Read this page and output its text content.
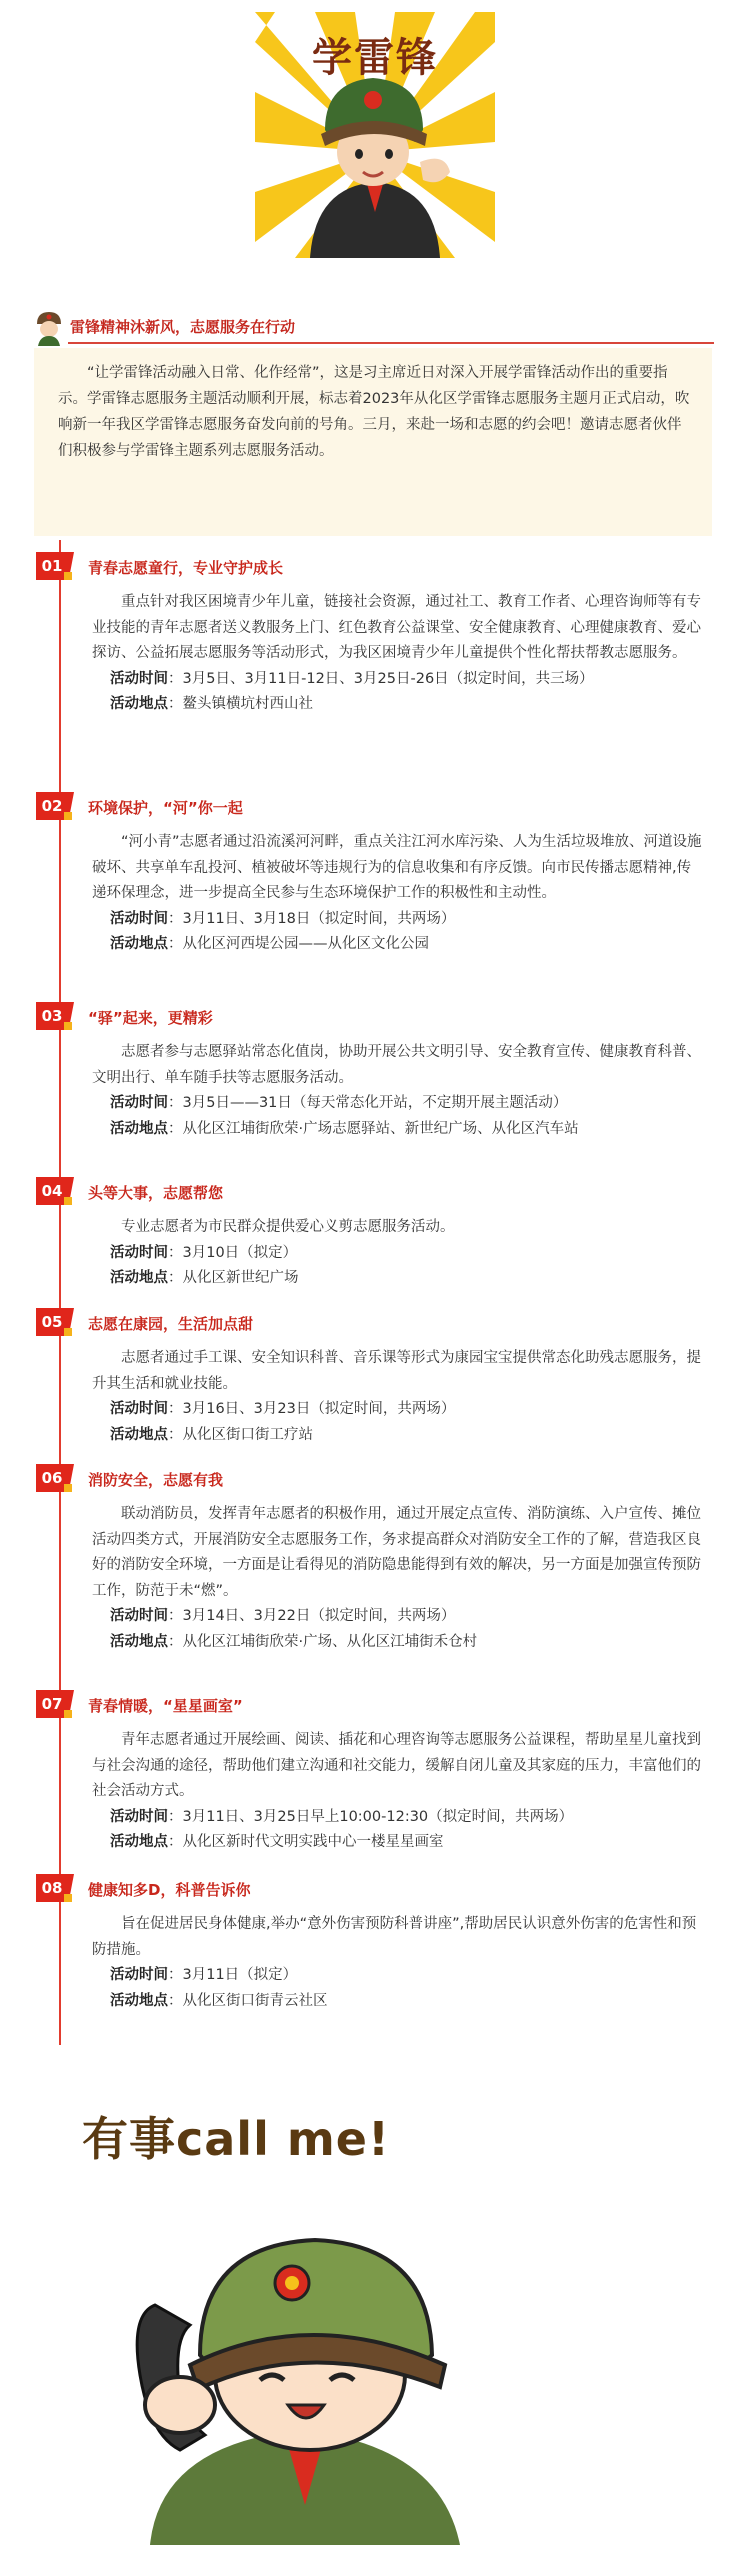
学雷锋
雷锋精神沐新风，志愿服务在行动

“让学雷锋活动融入日常、化作经常”，这是习主席近日对深入开展学雷锋活动作出的重要指示。学雷锋志愿服务主题活动顺利开展，标志着2023年从化区学雷锋志愿服务主题月正式启动，吹响新一年我区学雷锋志愿服务奋发向前的号角。三月，来赴一场和志愿的约会吧！邀请志愿者伙伴们积极参与学雷锋主题系列志愿服务活动。

01	青春志愿童行，专业守护成长

重点针对我区困境青少年儿童，链接社会资源，通过社工、教育工作者、心理咨询师等有专业技能的青年志愿者送义教服务上门、红色教育公益课堂、安全健康教育、心理健康教育、爱心探访、公益拓展志愿服务等活动形式，为我区困境青少年儿童提供个性化帮扶帮教志愿服务。

活动时间：3月5日、3月11日-12日、3月25日-26日（拟定时间，共三场）

活动地点：鳌头镇横坑村西山社

02	环境保护，“河”你一起

“河小青”志愿者通过沿流溪河河畔，重点关注江河水库污染、人为生活垃圾堆放、河道设施破坏、共享单车乱投河、植被破坏等违规行为的信息收集和有序反馈。向市民传播志愿精神,传递环保理念，进一步提高全民参与生态环境保护工作的积极性和主动性。

活动时间：3月11日、3月18日（拟定时间，共两场）

活动地点：从化区河西堤公园——从化区文化公园

03	“驿”起来，更精彩

志愿者参与志愿驿站常态化值岗，协助开展公共文明引导、安全教育宣传、健康教育科普、文明出行、单车随手扶等志愿服务活动。

活动时间：3月5日——31日（每天常态化开站，不定期开展主题活动）

活动地点：从化区江埔街欣荣·广场志愿驿站、新世纪广场、从化区汽车站

04	头等大事，志愿帮您

专业志愿者为市民群众提供爱心义剪志愿服务活动。

活动时间：3月10日（拟定）

活动地点：从化区新世纪广场

05	志愿在康园，生活加点甜

志愿者通过手工课、安全知识科普、音乐课等形式为康园宝宝提供常态化助残志愿服务，提升其生活和就业技能。

活动时间：3月16日、3月23日（拟定时间，共两场）

活动地点：从化区街口街工疗站

06	消防安全，志愿有我

联动消防员，发挥青年志愿者的积极作用，通过开展定点宣传、消防演练、入户宣传、摊位活动四类方式，开展消防安全志愿服务工作，务求提高群众对消防安全工作的了解，营造我区良好的消防安全环境，一方面是让看得见的消防隐患能得到有效的解决，另一方面是加强宣传预防工作，防范于未“燃”。

活动时间：3月14日、3月22日（拟定时间，共两场）

活动地点：从化区江埔街欣荣·广场、从化区江埔街禾仓村

07	青春情暖，“星星画室”

青年志愿者通过开展绘画、阅读、插花和心理咨询等志愿服务公益课程，帮助星星儿童找到与社会沟通的途径，帮助他们建立沟通和社交能力，缓解自闭儿童及其家庭的压力，丰富他们的社会活动方式。

活动时间：3月11日、3月25日早上10:00-12:30（拟定时间，共两场）

活动地点：从化区新时代文明实践中心一楼星星画室

08	健康知多D，科普告诉你

旨在促进居民身体健康,举办“意外伤害预防科普讲座”,帮助居民认识意外伤害的危害性和预防措施。

活动时间：3月11日（拟定）

活动地点：从化区街口街青云社区

有事call me!
